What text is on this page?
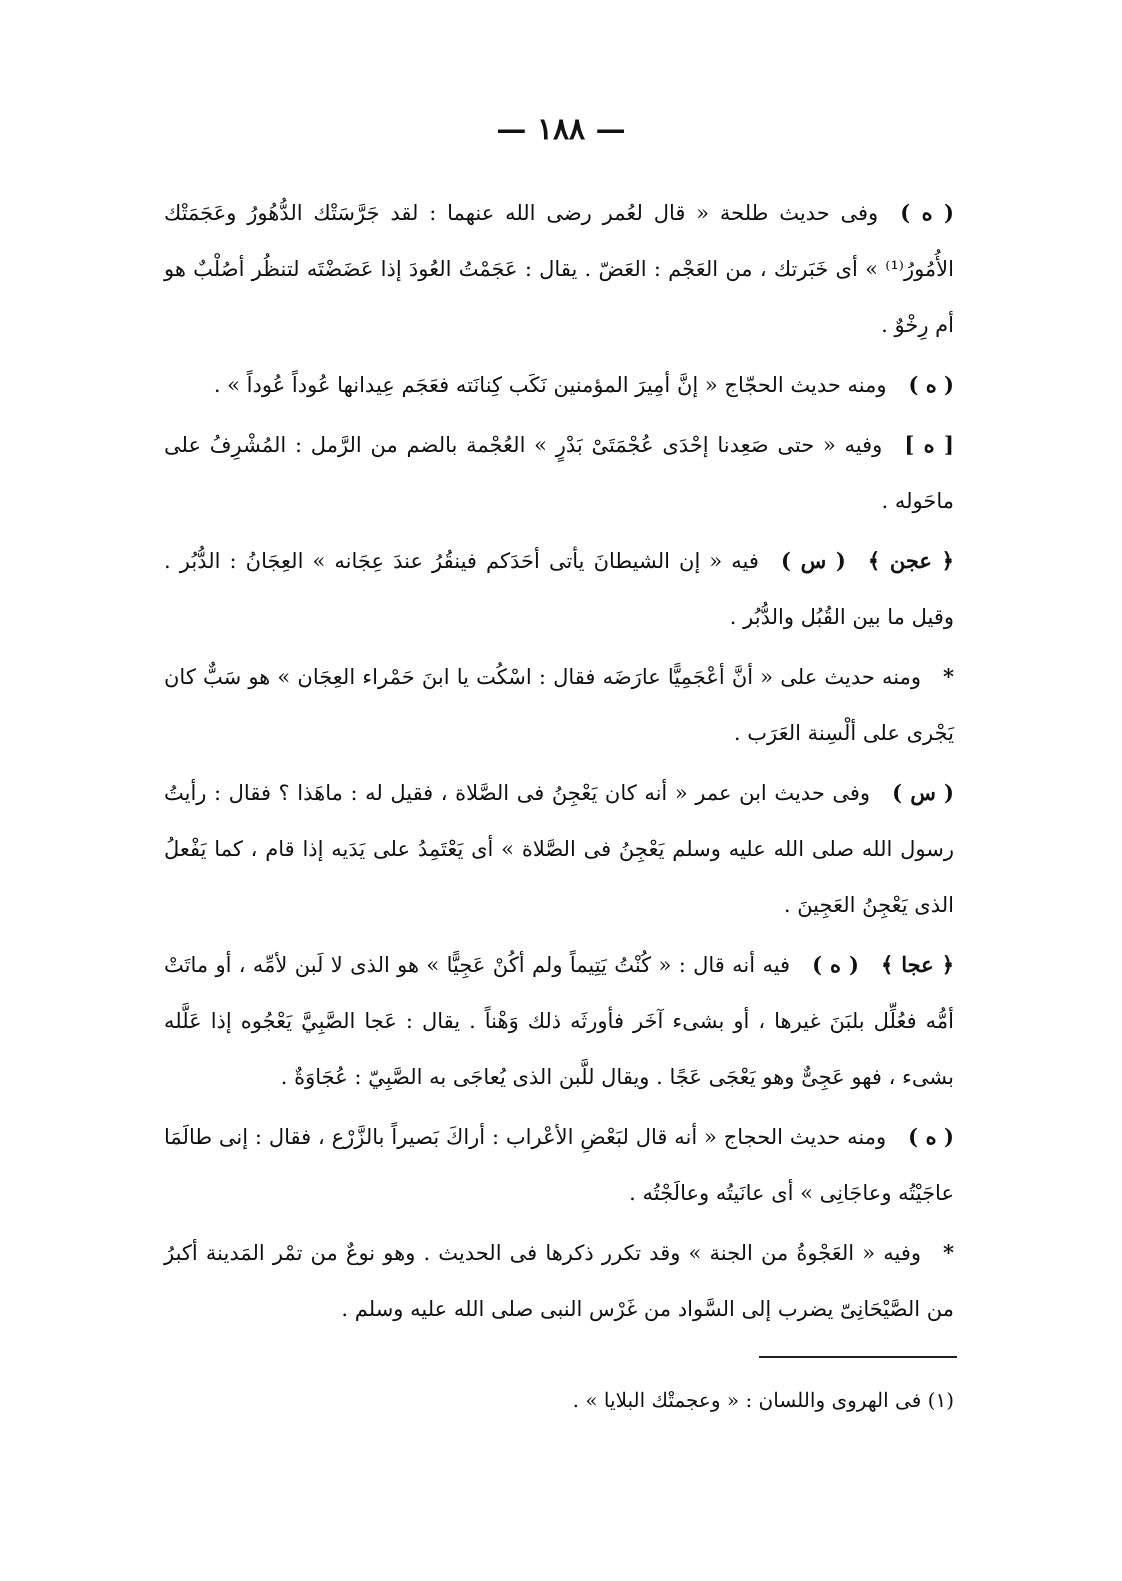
— ١٨٨ —

( ه )وفى حديث طلحة « قال لعُمر رضى الله عنهما : لقد جَرَّسَتْك الدُّهُورُ وعَجَمَتْك الأُمُورُ⁽¹⁾ » أى خَبَرتك ، من العَجْم : العَضّ . يقال : عَجَمْتُ العُودَ إذا عَضَضْتَه لتنظُر أصُلْبٌ هو أم رِخْوٌ .

( ه )ومنه حديث الحجّاج « إنَّ أمِيرَ المؤمنين نَكَب كِنانَته فعَجَم عِيدانها عُوداً عُوداً » .

[ ه ]وفيه « حتى صَعِدنا إحْدَى عُجْمَتَىْ بَدْرٍ » العُجْمة بالضم من الرَّمل : المُشْرِفُ على ماحَوله .

﴿ عجن ﴾( س )فيه « إن الشيطانَ يأتى أحَدَكم فينقُرُ عندَ عِجَانه » العِجَانُ : الدُّبُر . وقيل ما بين القُبُل والدُّبُر .

*ومنه حديث على « أنَّ أعْجَمِيًّا عارَضَه فقال : اسْكُت يا ابنَ حَمْراء العِجَان » هو سَبٌّ كان يَجْرى على ألْسِنة العَرَب .

( س )وفى حديث ابن عمر « أنه كان يَعْجِنُ فى الصَّلاة ، فقيل له : ماهَذا ؟ فقال : رأيتُ رسول الله صلى الله عليه وسلم يَعْجِنُ فى الصَّلاة » أى يَعْتَمِدُ على يَدَيه إذا قام ، كما يَفْعلُ الذى يَعْجِنُ العَجِينَ .

﴿ عجا ﴾( ه )فيه أنه قال : « كُنْتُ يَتِيماً ولم أكُنْ عَجِيًّا » هو الذى لا لَبن لأمِّه ، أو ماتَتْ أمُّه فعُلِّل بلبَنَ غيرها ، أو بشىء آخَر فأورثَه ذلك وَهْناً . يقال : عَجا الصَّبِيَّ يَعْجُوه إذا عَلَّله بشىء ، فهو عَجِىٌّ وهو يَعْجَى عَجًا . ويقال للَّبن الذى يُعاجَى به الصَّبِيّ : عُجَاوَةٌ .

( ه )ومنه حديث الحجاج « أنه قال لبَعْضِ الأعْراب : أراكَ بَصيراً بالزَّرْع ، فقال : إنى طالَمَا عاجَيْتُه وعاجَانِى » أى عانَيتُه وعالَجْتُه .

*وفيه « العَجْوةُ من الجنة » وقد تكرر ذكرها فى الحديث . وهو نوعٌ من تمْر المَدينة أكبرُ من الصَّيْحَانِىّ يضرب إلى السَّواد من غَرْس النبى صلى الله عليه وسلم .

(١) فى الهروى واللسان : « وعجمتْك البلايا » .
